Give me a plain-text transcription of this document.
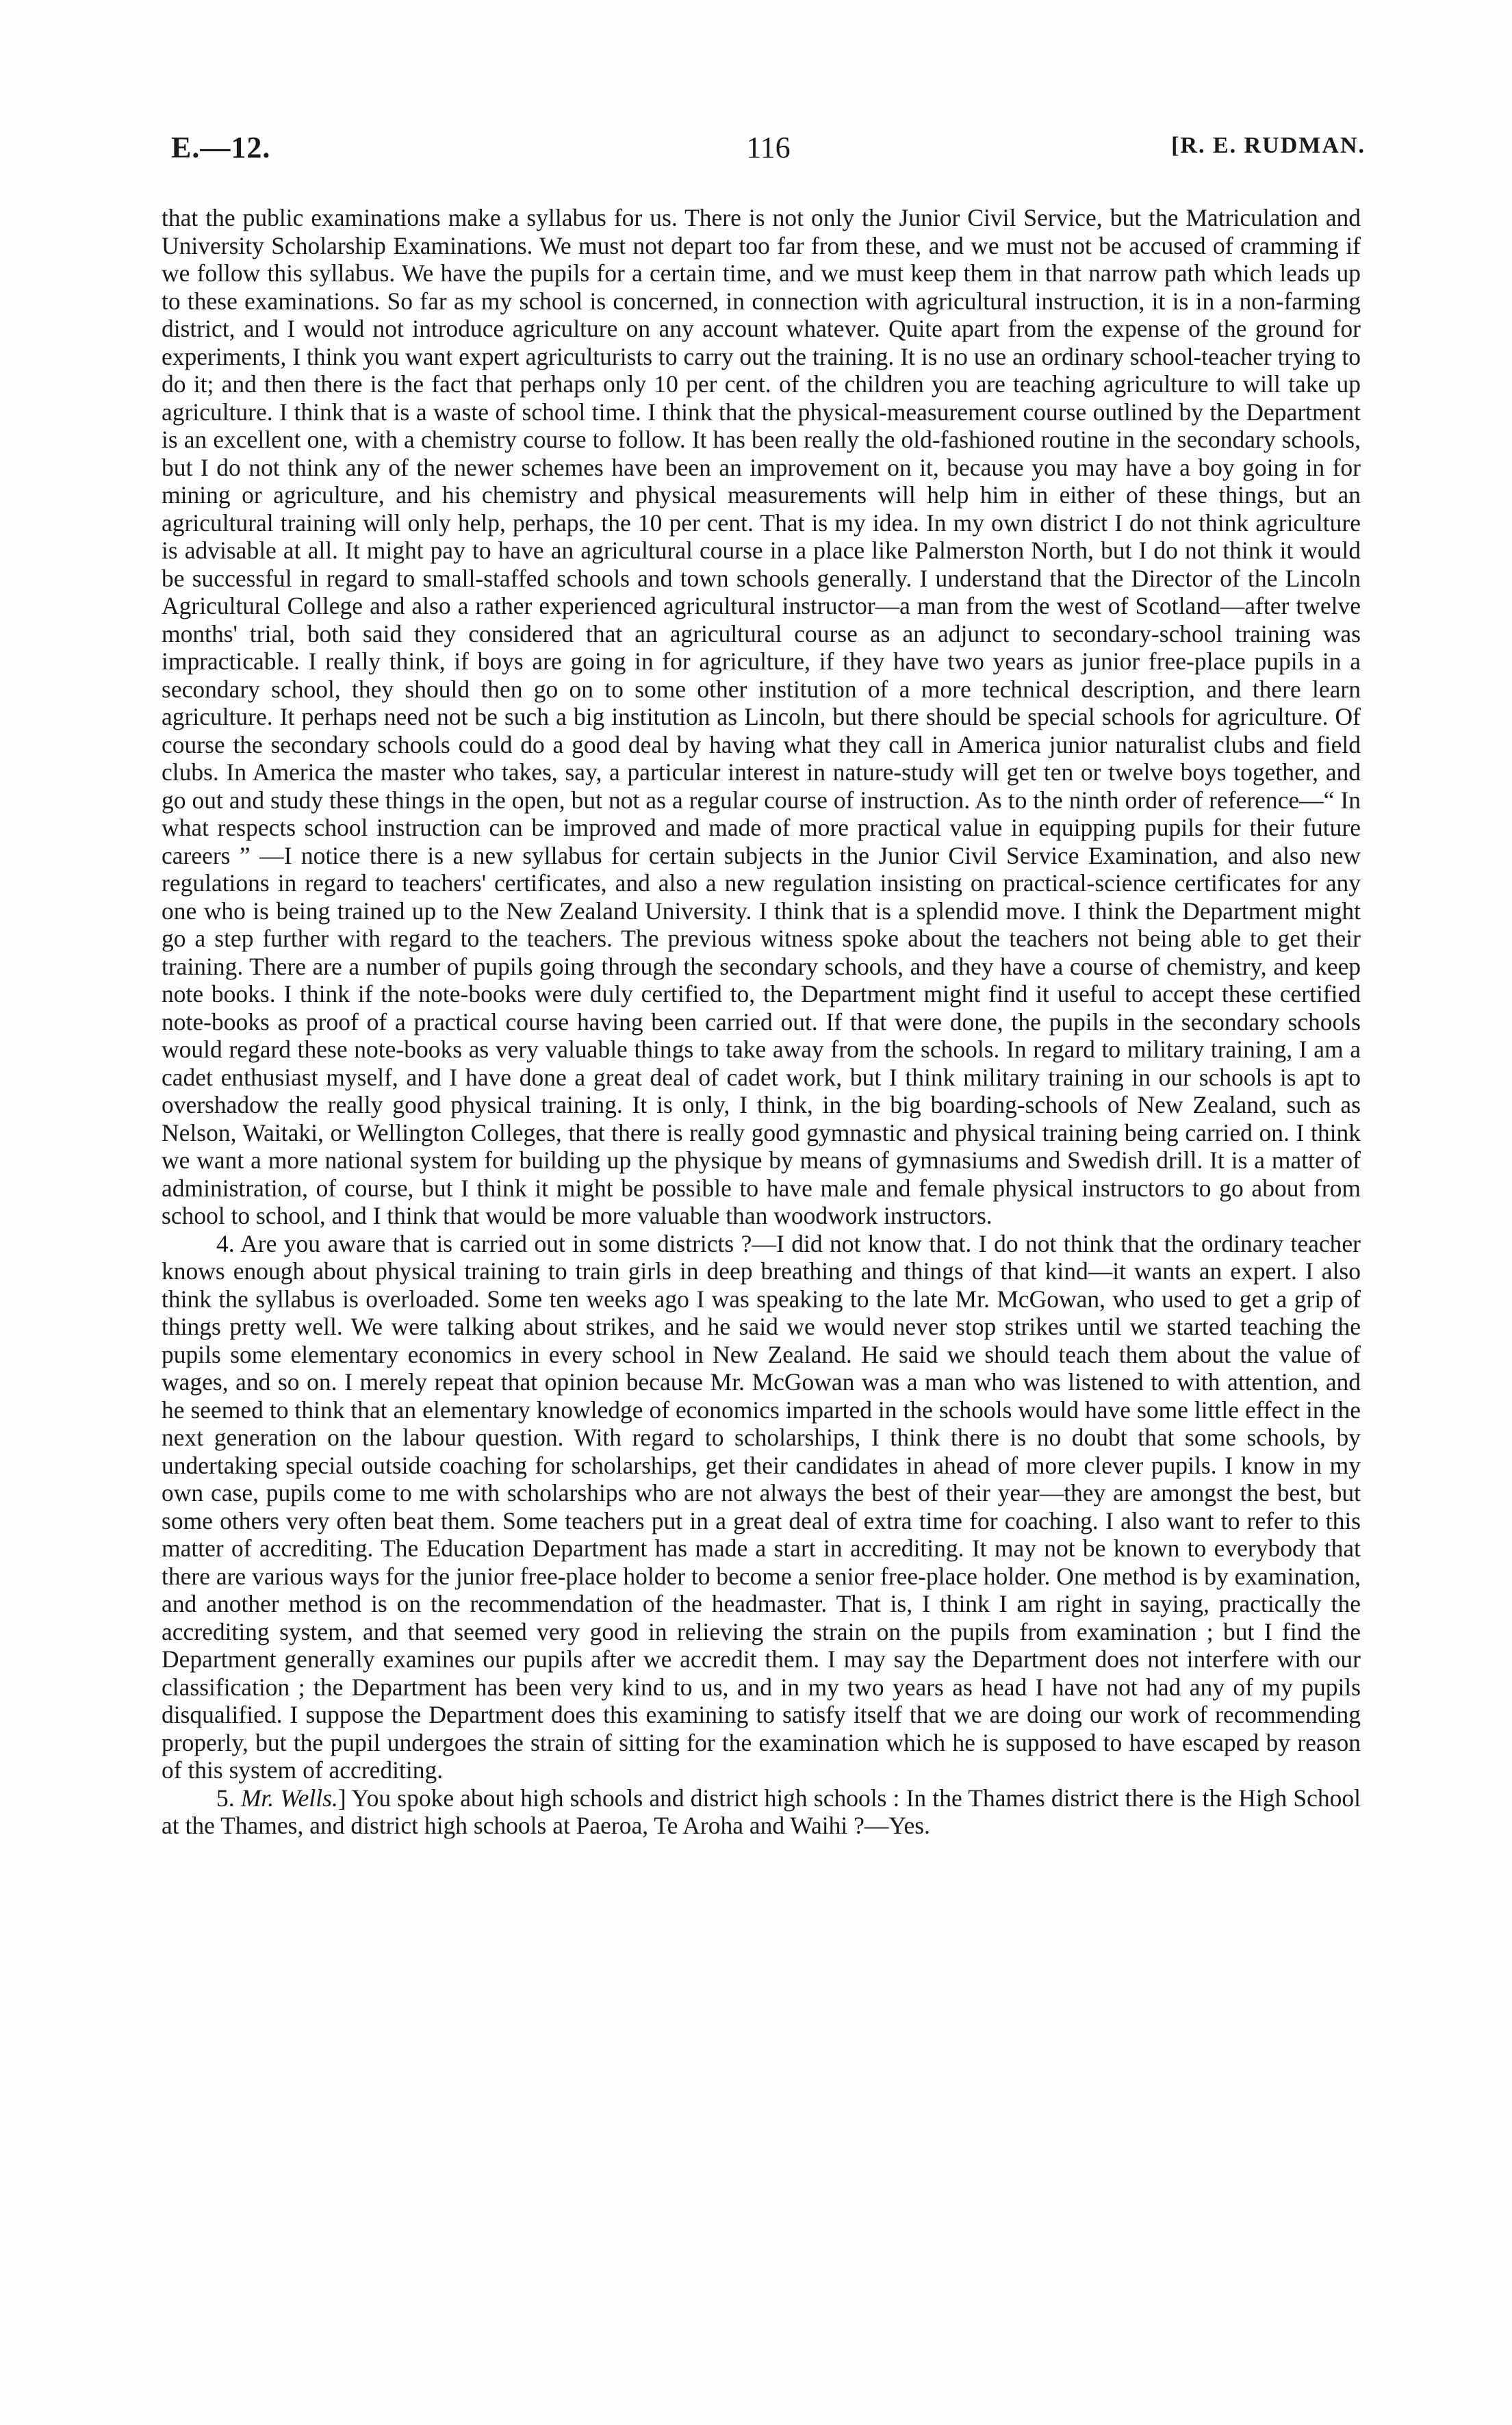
E.—12.	116	[R. E. RUDMAN.

that the public examinations make a syllabus for us. There is not only the Junior Civil Service, but the Matriculation and University Scholarship Examinations. We must not depart too far from these, and we must not be accused of cramming if we follow this syllabus. We have the pupils for a certain time, and we must keep them in that narrow path which leads up to these examinations. So far as my school is concerned, in connection with agricultural instruction, it is in a non-farming district, and I would not introduce agriculture on any account whatever. Quite apart from the expense of the ground for experiments, I think you want expert agriculturists to carry out the training. It is no use an ordinary school-teacher trying to do it; and then there is the fact that perhaps only 10 per cent. of the children you are teaching agriculture to will take up agriculture. I think that is a waste of school time. I think that the physical-measurement course outlined by the Department is an excellent one, with a chemistry course to follow. It has been really the old-fashioned routine in the secondary schools, but I do not think any of the newer schemes have been an improvement on it, because you may have a boy going in for mining or agriculture, and his chemistry and physical measurements will help him in either of these things, but an agricultural training will only help, perhaps, the 10 per cent. That is my idea. In my own district I do not think agriculture is advisable at all. It might pay to have an agricultural course in a place like Palmerston North, but I do not think it would be successful in regard to small-staffed schools and town schools generally. I understand that the Director of the Lincoln Agricultural College and also a rather experienced agricultural instructor—a man from the west of Scotland—after twelve months' trial, both said they considered that an agricultural course as an adjunct to secondary-school training was impracticable. I really think, if boys are going in for agriculture, if they have two years as junior free-place pupils in a secondary school, they should then go on to some other institution of a more technical description, and there learn agriculture. It perhaps need not be such a big institution as Lincoln, but there should be special schools for agriculture. Of course the secondary schools could do a good deal by having what they call in America junior naturalist clubs and field clubs. In America the master who takes, say, a particular interest in nature-study will get ten or twelve boys together, and go out and study these things in the open, but not as a regular course of instruction. As to the ninth order of reference—“ In what respects school instruction can be improved and made of more practical value in equipping pupils for their future careers ” —I notice there is a new syllabus for certain subjects in the Junior Civil Service Examination, and also new regulations in regard to teachers' certificates, and also a new regulation insisting on practical-science certificates for any one who is being trained up to the New Zealand University. I think that is a splendid move. I think the Department might go a step further with regard to the teachers. The previous witness spoke about the teachers not being able to get their training. There are a number of pupils going through the secondary schools, and they have a course of chemistry, and keep note books. I think if the note-books were duly certified to, the Department might find it useful to accept these certified note-books as proof of a practical course having been carried out. If that were done, the pupils in the secondary schools would regard these note-books as very valuable things to take away from the schools. In regard to military training, I am a cadet enthusiast myself, and I have done a great deal of cadet work, but I think military training in our schools is apt to overshadow the really good physical training. It is only, I think, in the big boarding-schools of New Zealand, such as Nelson, Waitaki, or Wellington Colleges, that there is really good gymnastic and physical training being carried on. I think we want a more national system for building up the physique by means of gymnasiums and Swedish drill. It is a matter of administration, of course, but I think it might be possible to have male and female physical instructors to go about from school to school, and I think that would be more valuable than woodwork instructors.

4. Are you aware that is carried out in some districts ?—I did not know that. I do not think that the ordinary teacher knows enough about physical training to train girls in deep breathing and things of that kind—it wants an expert. I also think the syllabus is overloaded. Some ten weeks ago I was speaking to the late Mr. McGowan, who used to get a grip of things pretty well. We were talking about strikes, and he said we would never stop strikes until we started teaching the pupils some elementary economics in every school in New Zealand. He said we should teach them about the value of wages, and so on. I merely repeat that opinion because Mr. McGowan was a man who was listened to with attention, and he seemed to think that an elementary knowledge of economics imparted in the schools would have some little effect in the next generation on the labour question. With regard to scholarships, I think there is no doubt that some schools, by undertaking special outside coaching for scholarships, get their candidates in ahead of more clever pupils. I know in my own case, pupils come to me with scholarships who are not always the best of their year—they are amongst the best, but some others very often beat them. Some teachers put in a great deal of extra time for coaching. I also want to refer to this matter of accrediting. The Education Department has made a start in accrediting. It may not be known to everybody that there are various ways for the junior free-place holder to become a senior free-place holder. One method is by examination, and another method is on the recommendation of the headmaster. That is, I think I am right in saying, practically the accrediting system, and that seemed very good in relieving the strain on the pupils from examination ; but I find the Department generally examines our pupils after we accredit them. I may say the Department does not interfere with our classification ; the Department has been very kind to us, and in my two years as head I have not had any of my pupils disqualified. I suppose the Department does this examining to satisfy itself that we are doing our work of recommending properly, but the pupil undergoes the strain of sitting for the examination which he is supposed to have escaped by reason of this system of accrediting.

5. Mr. Wells.] You spoke about high schools and district high schools : In the Thames district there is the High School at the Thames, and district high schools at Paeroa, Te Aroha and Waihi ?—Yes.
